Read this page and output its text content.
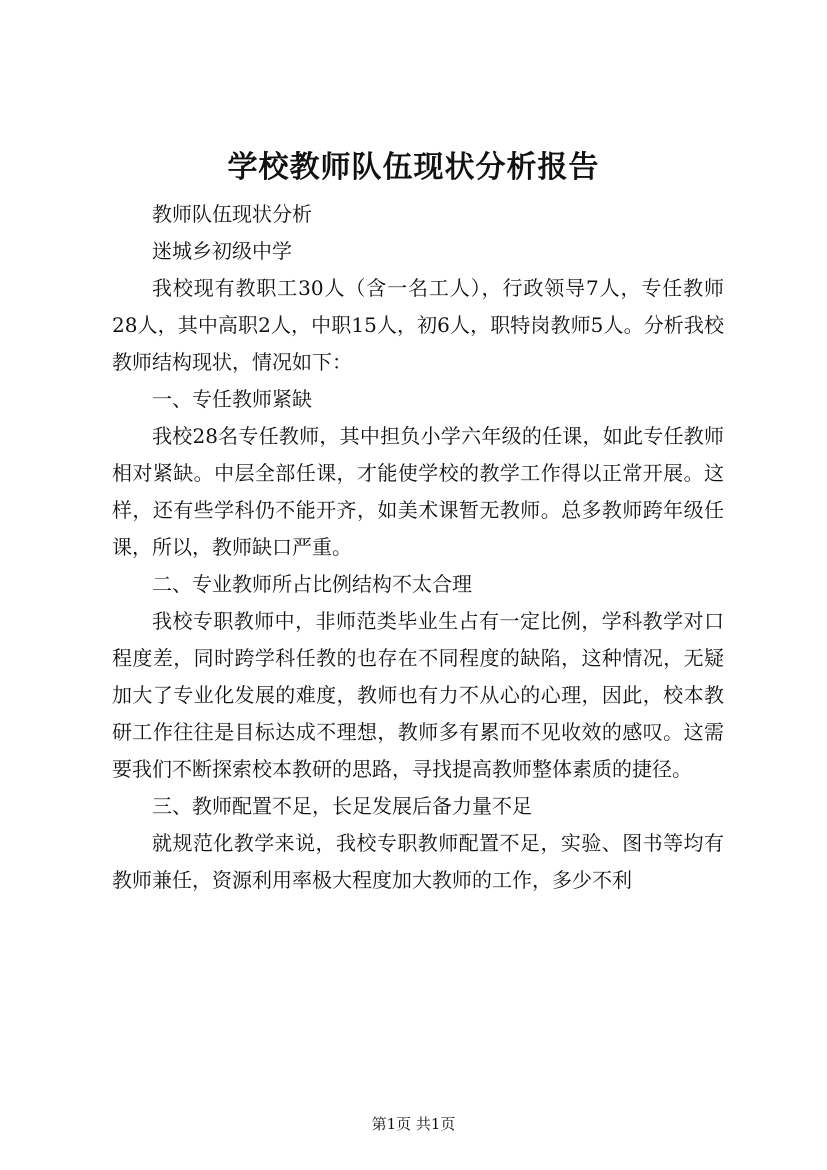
学校教师队伍现状分析报告

教师队伍现状分析

迷城乡初级中学

我校现有教职工30人（含一名工人），行政领导7人，专任教师28人，其中高职2人，中职15人，初6人，职特岗教师5人。分析我校教师结构现状，情况如下：

一、专任教师紧缺

我校28名专任教师，其中担负小学六年级的任课，如此专任教师相对紧缺。中层全部任课，才能使学校的教学工作得以正常开展。这样，还有些学科仍不能开齐，如美术课暂无教师。总多教师跨年级任课，所以，教师缺口严重。

二、专业教师所占比例结构不太合理

我校专职教师中，非师范类毕业生占有一定比例，学科教学对口程度差，同时跨学科任教的也存在不同程度的缺陷，这种情况，无疑加大了专业化发展的难度，教师也有力不从心的心理，因此，校本教研工作往往是目标达成不理想，教师多有累而不见收效的感叹。这需要我们不断探索校本教研的思路，寻找提高教师整体素质的捷径。

三、教师配置不足，长足发展后备力量不足

就规范化教学来说，我校专职教师配置不足，实验、图书等均有教师兼任，资源利用率极大程度加大教师的工作，多少不利

第1页 共1页
